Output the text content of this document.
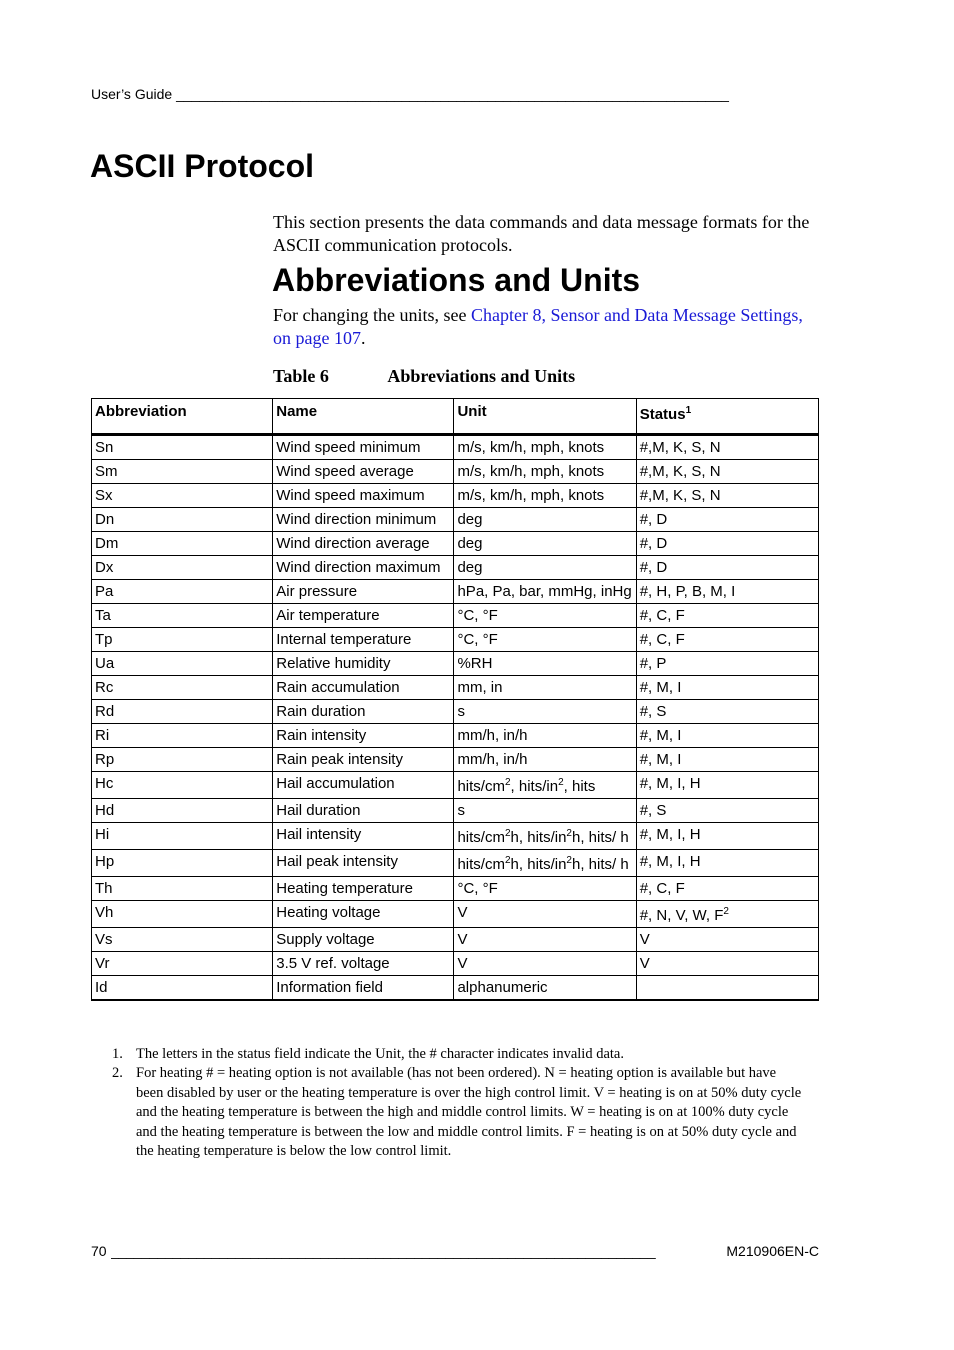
User’s Guide _______________________________________________________________________
ASCII Protocol

This section presents the data commands and data message formats for the ASCII communication protocols.

Abbreviations and Units

For changing the units, see Chapter 8, Sensor and Data Message Settings, on page 107.

Table 6	Abbreviations and Units
Abbreviation	Name	Unit	Status$^1$
Sn	Wind speed minimum	m/s, km/h, mph, knots	#,M, K, S, N
Sm	Wind speed average	m/s, km/h, mph, knots	#,M, K, S, N
Sx	Wind speed maximum	m/s, km/h, mph, knots	#,M, K, S, N
Dn	Wind direction minimum	deg	#, D
Dm	Wind direction average	deg	#, D
Dx	Wind direction maximum	deg	#, D
Pa	Air pressure	hPa, Pa, bar, mmHg, inHg	#, H, P, B, M, I
Ta	Air temperature	°C, °F	#, C, F
Tp	Internal temperature	°C, °F	#, C, F
Ua	Relative humidity	%RH	#, P
Rc	Rain accumulation	mm, in	#, M, I
Rd	Rain duration	s	#, S
Ri	Rain intensity	mm/h, in/h	#, M, I
Rp	Rain peak intensity	mm/h, in/h	#, M, I
Hc	Hail accumulation	hits/$cm^2$, hits/$in^2$, hits	#, M, I, H
Hd	Hail duration	s	#, S
Hi	Hail intensity	hits/$cm^2h$, hits/$in^2h$, hits/ h	#, M, I, H
Hp	Hail peak intensity	hits/$cm^2h$, hits/$in^2h$, hits/ h	#, M, I, H
Th	Heating temperature	°C, °F	#, C, F
Vh	Heating voltage	V	#, N, V, W, $F^2$
Vs	Supply voltage	V	V
Vr	3.5 V ref. voltage	V	V
Id	Information field	alphanumeric	
1. The letters in the status field indicate the Unit, the # character indicates invalid data.
2. For heating # = heating option is not available (has not been ordered). N = heating option is available but have been disabled by user or the heating temperature is over the high control limit. V = heating is on at 50% duty cycle and the heating temperature is between the high and middle control limits. W = heating is on at 100% duty cycle and the heating temperature is between the low and middle control limits. F = heating is on at 50% duty cycle and the heating temperature is below the low control limit.
70 ______________________________________________________________________	M210906EN-C
